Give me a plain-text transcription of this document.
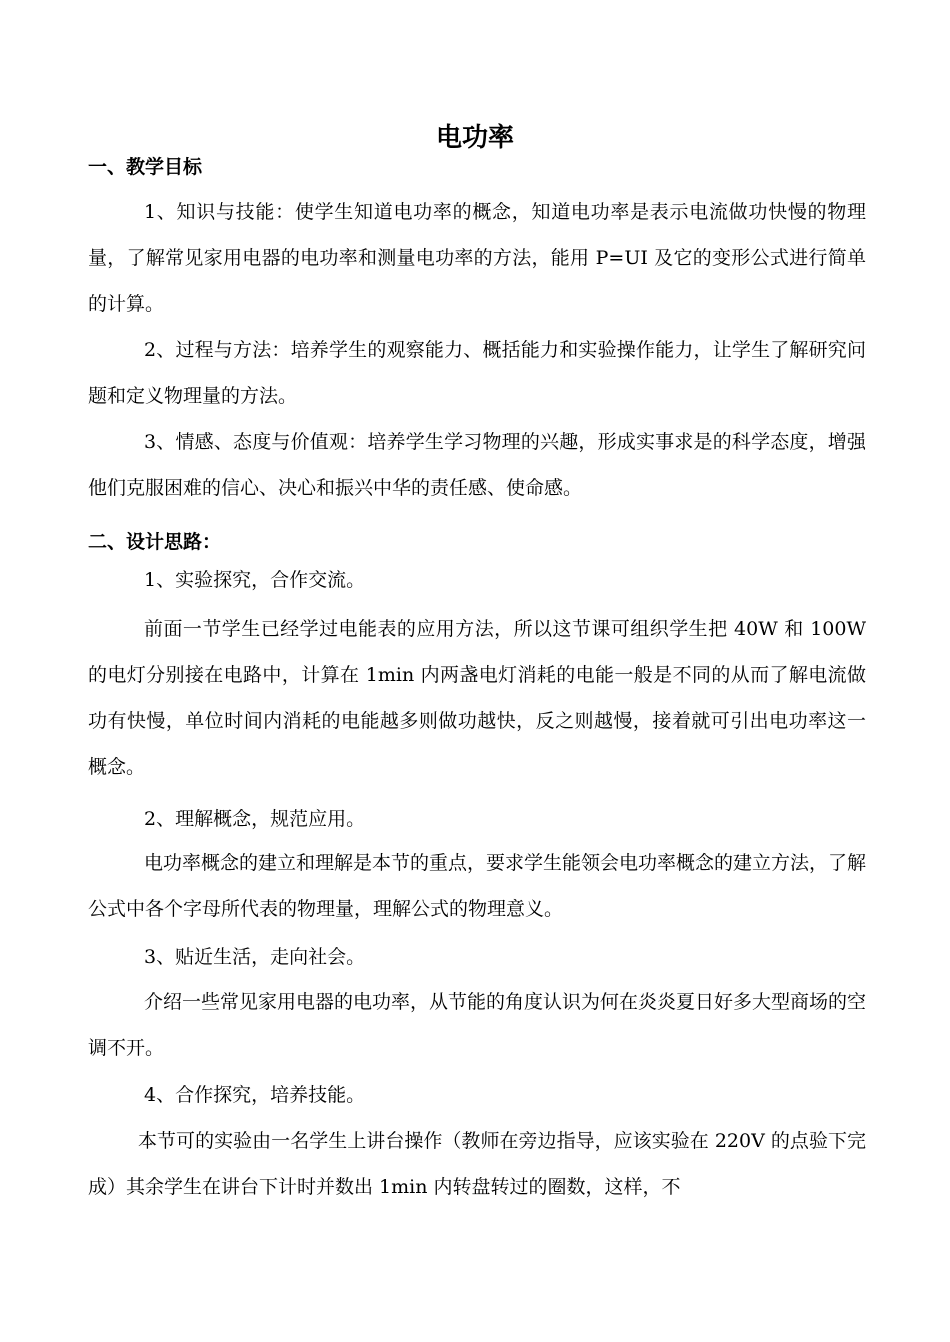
电功率
一、教学目标

1、知识与技能：使学生知道电功率的概念，知道电功率是表示电流做功快慢的物理量，了解常见家用电器的电功率和测量电功率的方法，能用 P=UI 及它的变形公式进行简单的计算。

2、过程与方法：培养学生的观察能力、概括能力和实验操作能力，让学生了解研究问题和定义物理量的方法。

3、情感、态度与价值观：培养学生学习物理的兴趣，形成实事求是的科学态度，增强他们克服困难的信心、决心和振兴中华的责任感、使命感。

二、设计思路：

1、实验探究，合作交流。

前面一节学生已经学过电能表的应用方法，所以这节课可组织学生把 40W 和 100W 的电灯分别接在电路中，计算在 1min 内两盏电灯消耗的电能一般是不同的从而了解电流做功有快慢，单位时间内消耗的电能越多则做功越快，反之则越慢，接着就可引出电功率这一概念。

2、理解概念，规范应用。

电功率概念的建立和理解是本节的重点，要求学生能领会电功率概念的建立方法，了解公式中各个字母所代表的物理量，理解公式的物理意义。

3、贴近生活，走向社会。

介绍一些常见家用电器的电功率，从节能的角度认识为何在炎炎夏日好多大型商场的空调不开。

4、合作探究，培养技能。

本节可的实验由一名学生上讲台操作（教师在旁边指导，应该实验在 220V 的点验下完成）其余学生在讲台下计时并数出 1min 内转盘转过的圈数，这样，不
